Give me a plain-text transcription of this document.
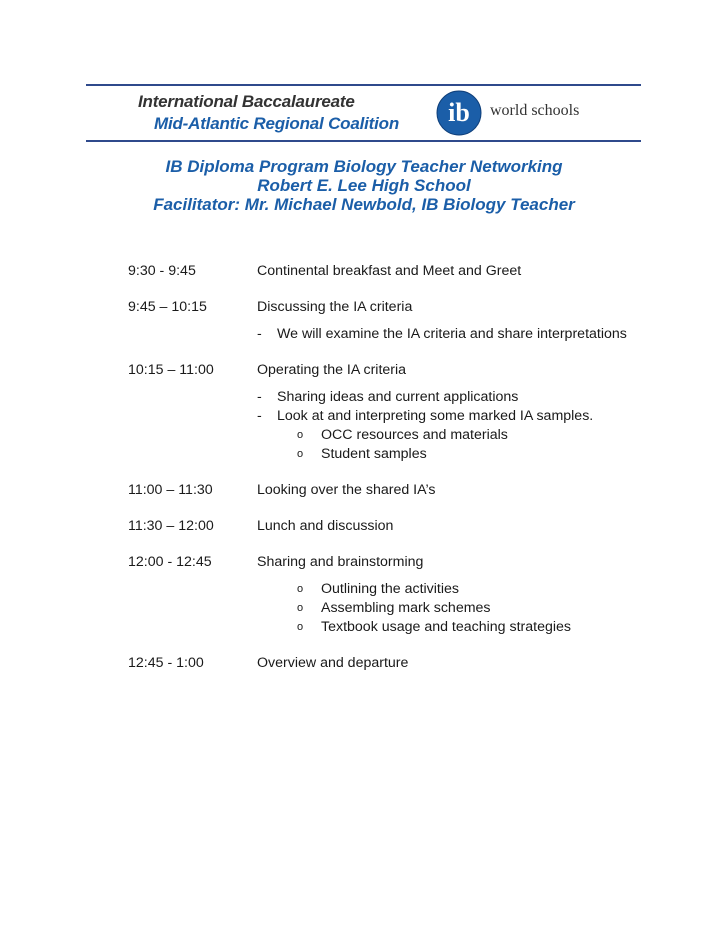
International Baccalaureate
Mid-Atlantic Regional Coalition ib world schools
IB Diploma Program Biology Teacher Networking
Robert E. Lee High School
Facilitator: Mr. Michael Newbold, IB Biology Teacher
9:30 - 9:45	Continental breakfast and Meet and Greet
9:45 – 10:15	Discussing the IA criteria
- We will examine the IA criteria and share interpretations
10:15 – 11:00	Operating the IA criteria
- Sharing ideas and current applications
- Look at and interpreting some marked IA samples.
o OCC resources and materials
o Student samples
11:00 – 11:30	Looking over the shared IA’s
11:30 – 12:00	Lunch and discussion
12:00 - 12:45	Sharing and brainstorming
o Outlining the activities
o Assembling mark schemes
o Textbook usage and teaching strategies
12:45 - 1:00	Overview and departure
